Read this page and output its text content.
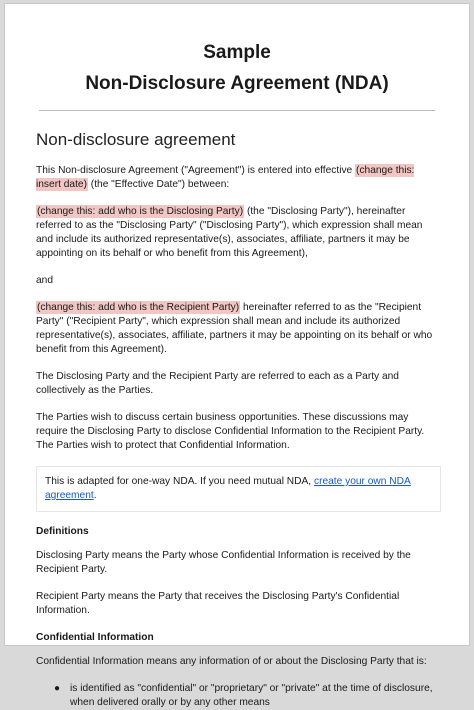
Sample

Non-Disclosure Agreement (NDA)

Non-disclosure agreement

This Non-disclosure Agreement ("Agreement") is entered into effective (change this: insert date) (the "Effective Date") between:

(change this: add who is the Disclosing Party) (the "Disclosing Party"), hereinafter referred to as the "Disclosing Party" ("Disclosing Party"), which expression shall mean and include its authorized representative(s), associates, affiliate, partners it may be appointing on its behalf or who benefit from this Agreement),

and

(change this: add who is the Recipient Party) hereinafter referred to as the "Recipient Party" ("Recipient Party", which expression shall mean and include its authorized representative(s), associates, affiliate, partners it may be appointing on its behalf or who benefit from this Agreement).

The Disclosing Party and the Recipient Party are referred to each as a Party and collectively as the Parties.

The Parties wish to discuss certain business opportunities. These discussions may require the Disclosing Party to disclose Confidential Information to the Recipient Party. The Parties wish to protect that Confidential Information.

This is adapted for one-way NDA. If you need mutual NDA, create your own NDA agreement.

Definitions

Disclosing Party means the Party whose Confidential Information is received by the Recipient Party.

Recipient Party means the Party that receives the Disclosing Party's Confidential Information.

Confidential Information

Confidential Information means any information of or about the Disclosing Party that is:

● is identified as "confidential" or "proprietary" or "private" at the time of disclosure, when delivered orally or by any other means
